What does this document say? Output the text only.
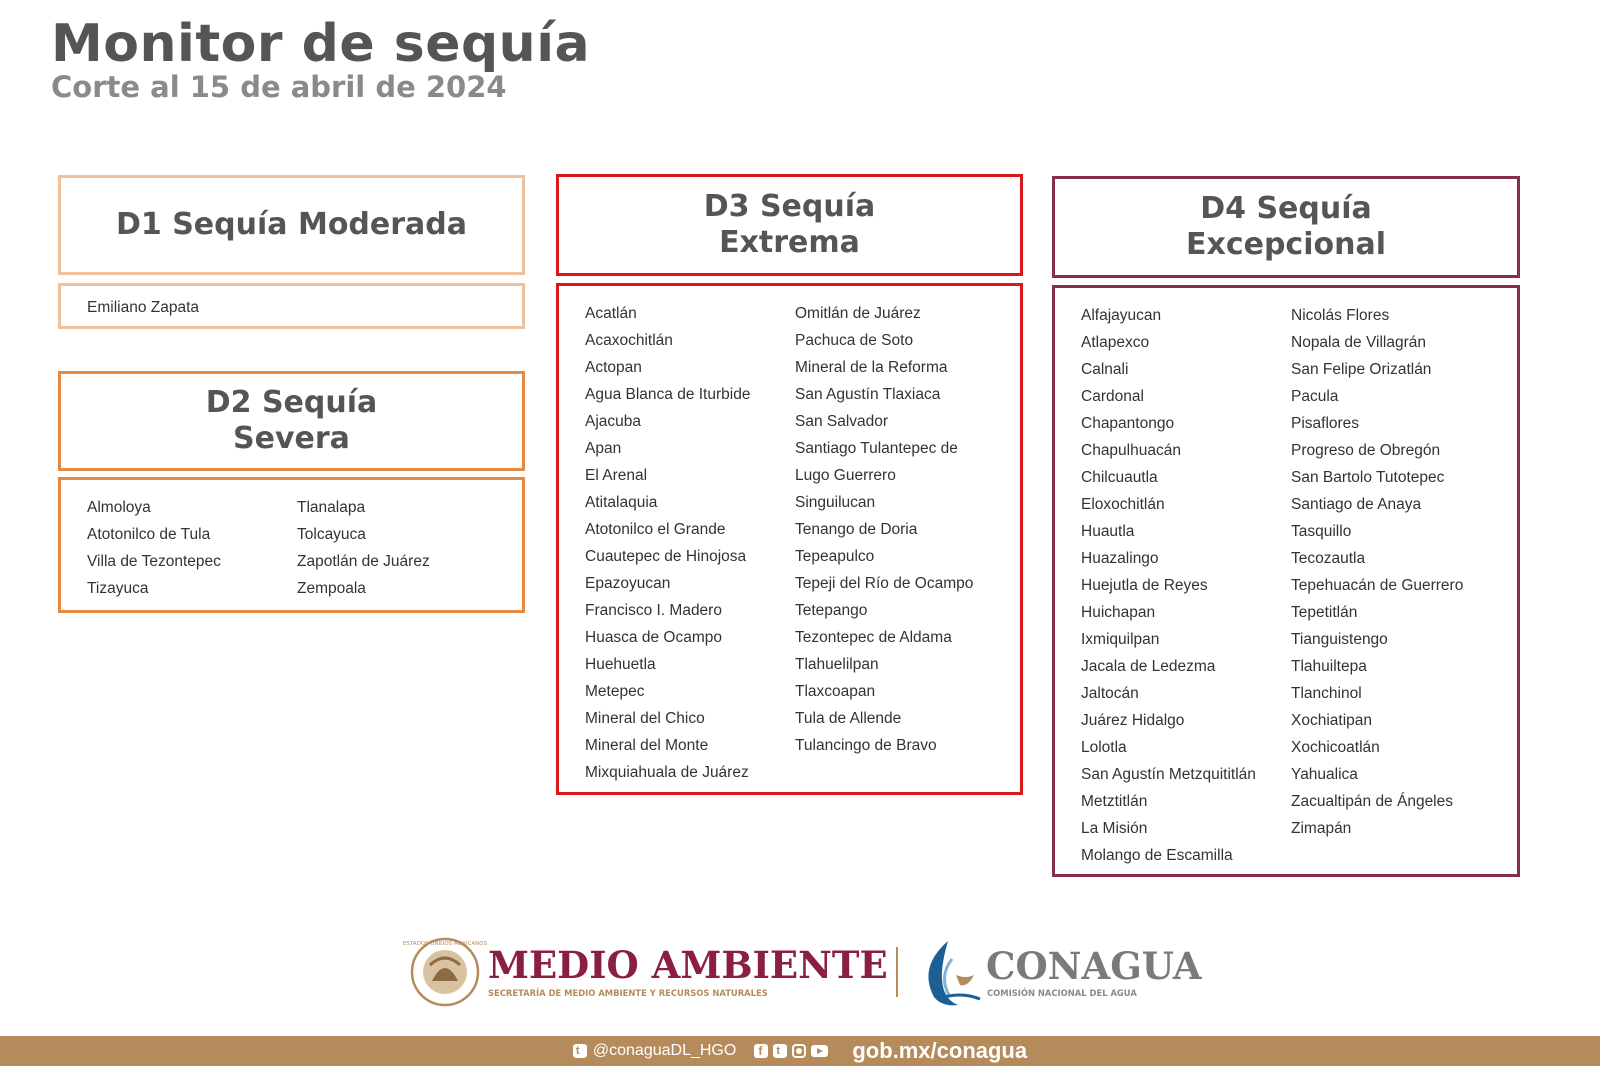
Monitor de sequía
Corte al 15 de abril de 2024
D1 Sequía Moderada
Emiliano Zapata
D2 Sequía
Severa
Almoloya
Atotonilco de Tula
Villa de Tezontepec
Tizayuca
Tlanalapa
Tolcayuca
Zapotlán de Juárez
Zempoala
D3 Sequía
Extrema
Acatlán
Acaxochitlán
Actopan
Agua Blanca de Iturbide
Ajacuba
Apan
El Arenal
Atitalaquia
Atotonilco el Grande
Cuautepec de Hinojosa
Epazoyucan
Francisco I. Madero
Huasca de Ocampo
Huehuetla
Metepec
Mineral del Chico
Mineral del Monte
Mixquiahuala de Juárez
Omitlán de Juárez
Pachuca de Soto
Mineral de la Reforma
San Agustín Tlaxiaca
San Salvador
Santiago Tulantepec de
Lugo Guerrero
Singuilucan
Tenango de Doria
Tepeapulco
Tepeji del Río de Ocampo
Tetepango
Tezontepec de Aldama
Tlahuelilpan
Tlaxcoapan
Tula de Allende
Tulancingo de Bravo
D4 Sequía
Excepcional
Alfajayucan
Atlapexco
Calnali
Cardonal
Chapantongo
Chapulhuacán
Chilcuautla
Eloxochitlán
Huautla
Huazalingo
Huejutla de Reyes
Huichapan
Ixmiquilpan
Jacala de Ledezma
Jaltocán
Juárez Hidalgo
Lolotla
San Agustín Metzquititlán
Metztitlán
La Misión
Molango de Escamilla
Nicolás Flores
Nopala de Villagrán
San Felipe Orizatlán
Pacula
Pisaflores
Progreso de Obregón
San Bartolo Tutotepec
Santiago de Anaya
Tasquillo
Tecozautla
Tepehuacán de Guerrero
Tepetitlán
Tianguistengo
Tlahuiltepa
Tlanchinol
Xochiatipan
Xochicoatlán
Yahualica
Zacualtipán de Ángeles
Zimapán
ESTADOS UNIDOS MEXICANOS MEDIO AMBIENTE
SECRETARÍA DE MEDIO AMBIENTE Y RECURSOS NATURALES
CONAGUA
COMISIÓN NACIONAL DEL AGUA
t @conaguaDL_HGO f t	gob.mx/conagua
